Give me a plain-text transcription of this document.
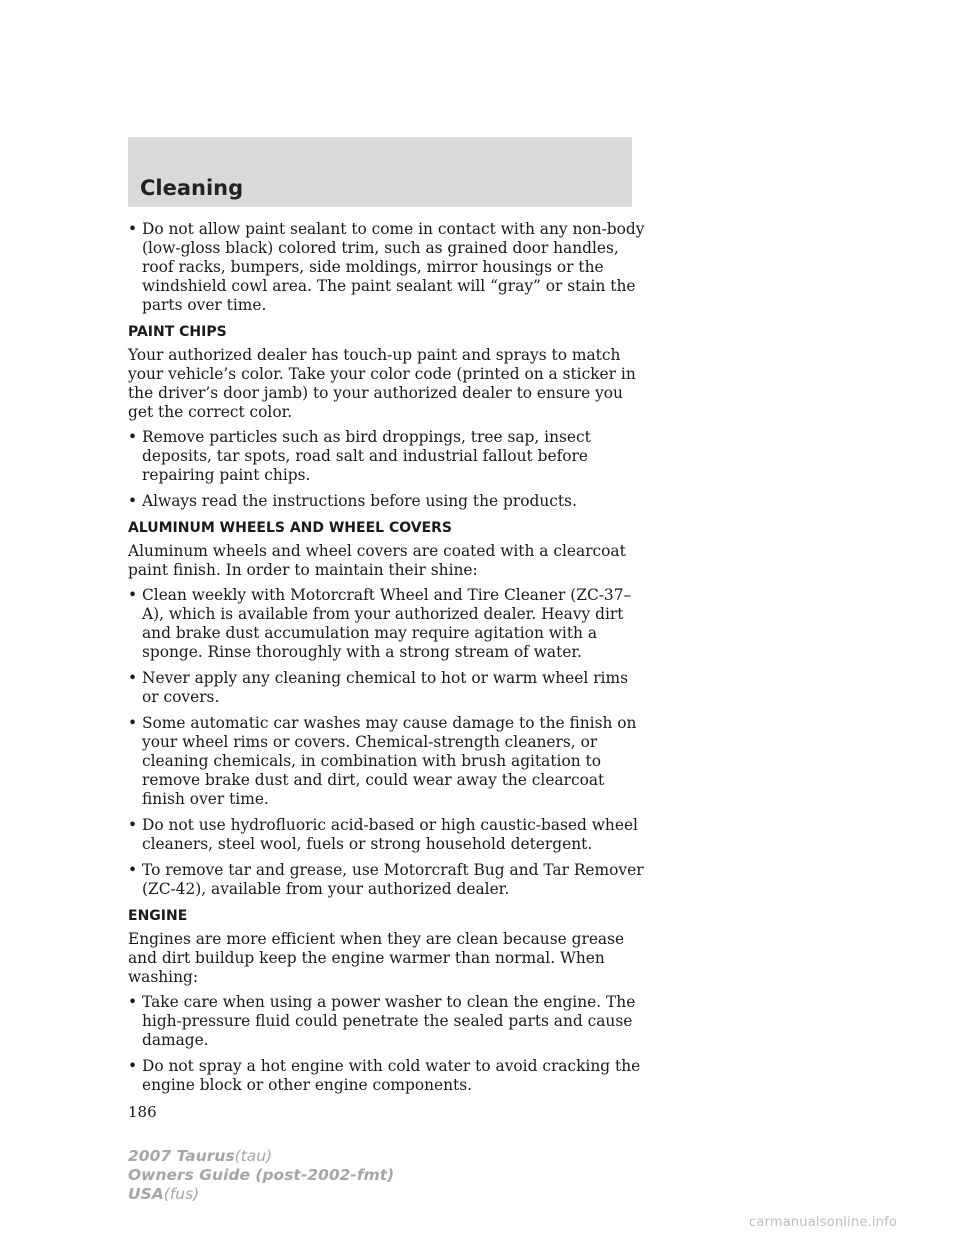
Cleaning
• Do not allow paint sealant to come in contact with any non-body (low-gloss black) colored trim, such as grained door handles, roof racks, bumpers, side moldings, mirror housings or the windshield cowl area. The paint sealant will “gray” or stain the parts over time.
PAINT CHIPS
Your authorized dealer has touch-up paint and sprays to match your vehicle’s color. Take your color code (printed on a sticker in the driver’s door jamb) to your authorized dealer to ensure you get the correct color.
• Remove particles such as bird droppings, tree sap, insect deposits, tar spots, road salt and industrial fallout before repairing paint chips.
• Always read the instructions before using the products.
ALUMINUM WHEELS AND WHEEL COVERS
Aluminum wheels and wheel covers are coated with a clearcoat paint finish. In order to maintain their shine:
• Clean weekly with Motorcraft Wheel and Tire Cleaner (ZC-37–A), which is available from your authorized dealer. Heavy dirt and brake dust accumulation may require agitation with a sponge. Rinse thoroughly with a strong stream of water.
• Never apply any cleaning chemical to hot or warm wheel rims or covers.
• Some automatic car washes may cause damage to the finish on your wheel rims or covers. Chemical-strength cleaners, or cleaning chemicals, in combination with brush agitation to remove brake dust and dirt, could wear away the clearcoat finish over time.
• Do not use hydrofluoric acid-based or high caustic-based wheel cleaners, steel wool, fuels or strong household detergent.
• To remove tar and grease, use Motorcraft Bug and Tar Remover (ZC-42), available from your authorized dealer.
ENGINE
Engines are more efficient when they are clean because grease and dirt buildup keep the engine warmer than normal. When washing:
• Take care when using a power washer to clean the engine. The high-pressure fluid could penetrate the sealed parts and cause damage.
• Do not spray a hot engine with cold water to avoid cracking the engine block or other engine components.
186
2007 Taurus(tau)
Owners Guide (post-2002-fmt)
USA(fus)
carmanualsonline.info
